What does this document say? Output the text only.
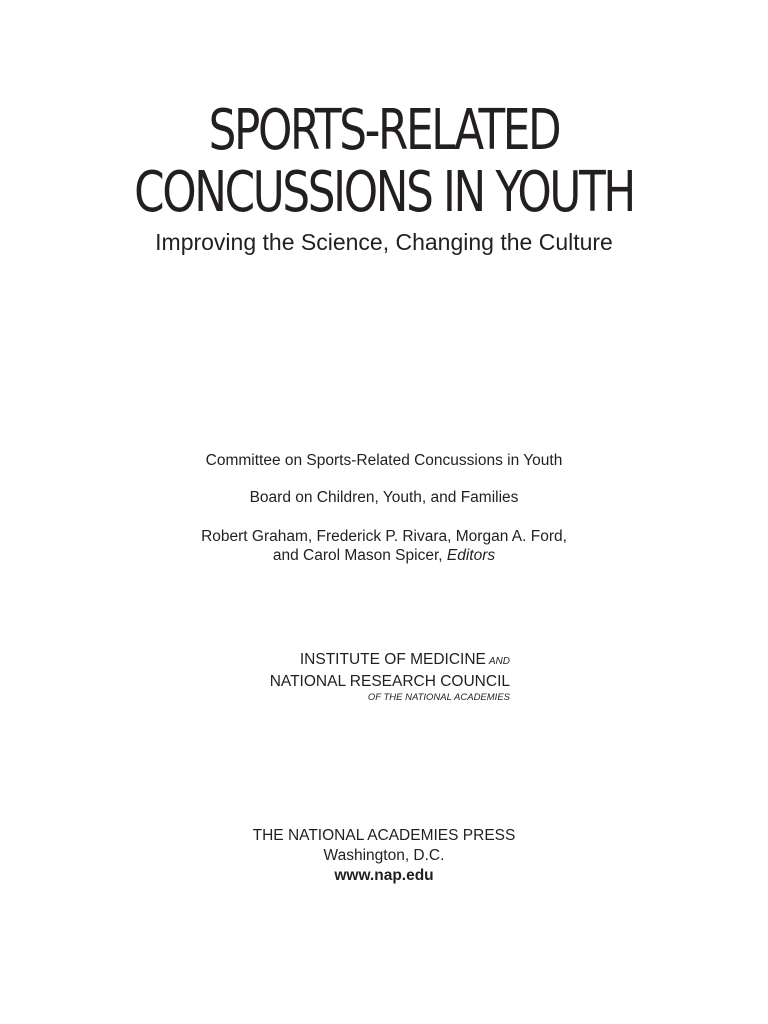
SPORTS-RELATED
CONCUSSIONS IN YOUTH
Improving the Science, Changing the Culture
Committee on Sports-Related Concussions in Youth
Board on Children, Youth, and Families
Robert Graham, Frederick P. Rivara, Morgan A. Ford,
and Carol Mason Spicer, Editors
INSTITUTE OF MEDICINE AND
NATIONAL RESEARCH COUNCIL
OF THE NATIONAL ACADEMIES
THE NATIONAL ACADEMIES PRESS
Washington, D.C.
www.nap.edu
